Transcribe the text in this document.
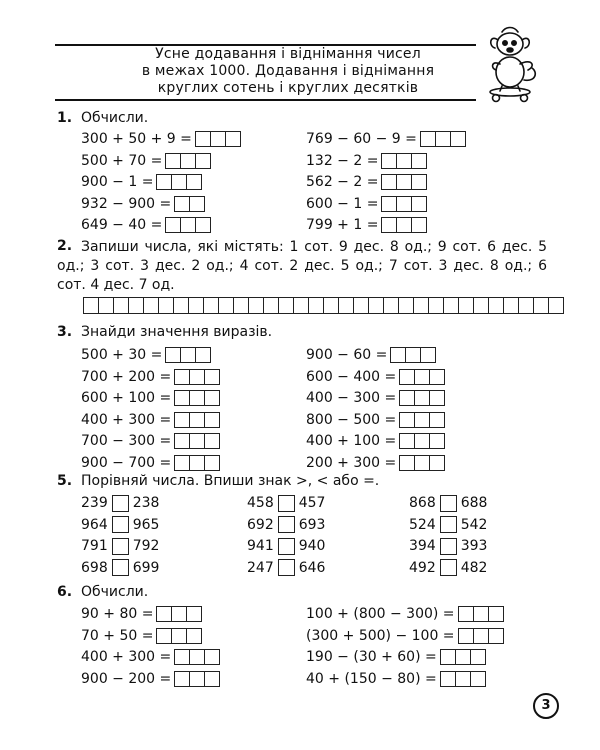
Усне додавання і віднімання чисел
в межах 1000. Додавання і віднімання
круглих сотень і круглих десятків
1. Обчисли.
300 + 50 + 9 =
500 + 70 =
900 − 1 =
932 − 900 =
649 − 40 =
769 − 60 − 9 =
132 − 2 =
562 − 2 =
600 − 1 =
799 + 1 =
2. Запиши числа, які містять: 1 сот. 9 дес. 8 од.; 9 сот. 6 дес. 5 од.; 3 сот. 3 дес. 2 од.; 4 сот. 2 дес. 5 од.; 7 сот. 3 дес. 8 од.; 6 сот. 4 дес. 7 од.
3. Знайди значення виразів.
500 + 30 =
700 + 200 =
600 + 100 =
400 + 300 =
700 − 300 =
900 − 700 =
900 − 60 =
600 − 400 =
400 − 300 =
800 − 500 =
400 + 100 =
200 + 300 =
5. Порівняй числа. Впиши знак >, < або =.
239 238
964 965
791 792
698 699
458 457
692 693
941 940
247 646
868 688
524 542
394 393
492 482
6. Обчисли.
90 + 80 =
70 + 50 =
400 + 300 =
900 − 200 =
100 + (800 − 300) =
(300 + 500) − 100 =
190 − (30 + 60) =
40 + (150 − 80) =
3
